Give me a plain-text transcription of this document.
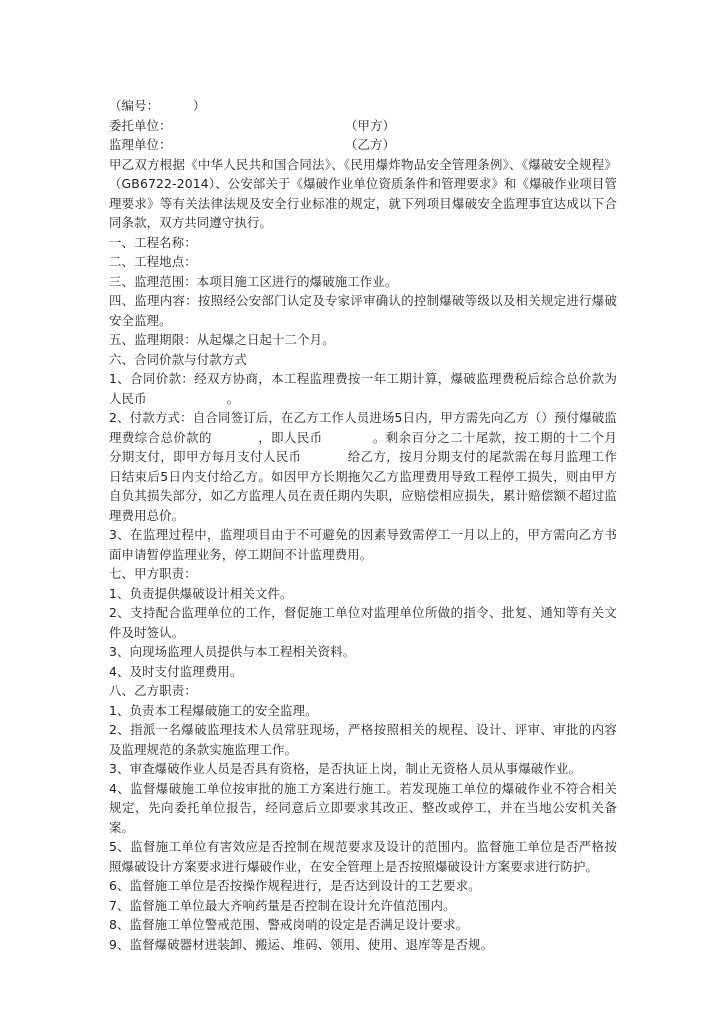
（编号：	）
委托单位：	（甲方）
监理单位：	（乙方）
甲乙双方根据《中华人民共和国合同法》、《民用爆炸物品安全管理条例》、《爆破安全规程》（GB6722-2014）、公安部关于《爆破作业单位资质条件和管理要求》和《爆破作业项目管理要求》等有关法律法规及安全行业标准的规定，就下列项目爆破安全监理事宜达成以下合同条款，双方共同遵守执行。
一、工程名称：
二、工程地点：
三、监理范围：本项目施工区进行的爆破施工作业。
四、监理内容：按照经公安部门认定及专家评审确认的控制爆破等级以及相关规定进行爆破安全监理。
五、监理期限：从起爆之日起十二个月。
六、合同价款与付款方式
1、合同价款：经双方协商，本工程监理费按一年工期计算，爆破监理费税后综合总价款为人民币	。
2、付款方式：自合同签订后，在乙方工作人员进场5日内，甲方需先向乙方（）预付爆破监理费综合总价款的	，即人民币	。剩余百分之二十尾款，按工期的十二个月分期支付，即甲方每月支付人民币	给乙方，按月分期支付的尾款需在每月监理工作日结束后5日内支付给乙方。如因甲方长期拖欠乙方监理费用导致工程停工损失，则由甲方自负其损失部分，如乙方监理人员在责任期内失职，应赔偿相应损失，累计赔偿额不超过监理费用总价。
3、在监理过程中，监理项目由于不可避免的因素导致需停工一月以上的，甲方需向乙方书面申请暂停监理业务，停工期间不计监理费用。
七、甲方职责：
1、负责提供爆破设计相关文件。
2、支持配合监理单位的工作，督促施工单位对监理单位所做的指令、批复、通知等有关文件及时签认。
3、向现场监理人员提供与本工程相关资料。
4、及时支付监理费用。
八、乙方职责：
1、负责本工程爆破施工的安全监理。
2、指派一名爆破监理技术人员常驻现场，严格按照相关的规程、设计、评审、审批的内容及监理规范的条款实施监理工作。
3、审查爆破作业人员是否具有资格，是否执证上岗，制止无资格人员从事爆破作业。
4、监督爆破施工单位按审批的施工方案进行施工。若发现施工单位的爆破作业不符合相关规定，先向委托单位报告，经同意后立即要求其改正、整改或停工，并在当地公安机关备案。
5、监督施工单位有害效应是否控制在规范要求及设计的范围内。监督施工单位是否严格按照爆破设计方案要求进行爆破作业，在安全管理上是否按照爆破设计方案要求进行防护。
6、监督施工单位是否按操作规程进行，是否达到设计的工艺要求。
7、监督施工单位最大齐响药量是否控制在设计允许值范围内。
8、监督施工单位警戒范围、警戒岗哨的设定是否满足设计要求。
9、监督爆破器材进装卸、搬运、堆码、领用、使用、退库等是否规。
